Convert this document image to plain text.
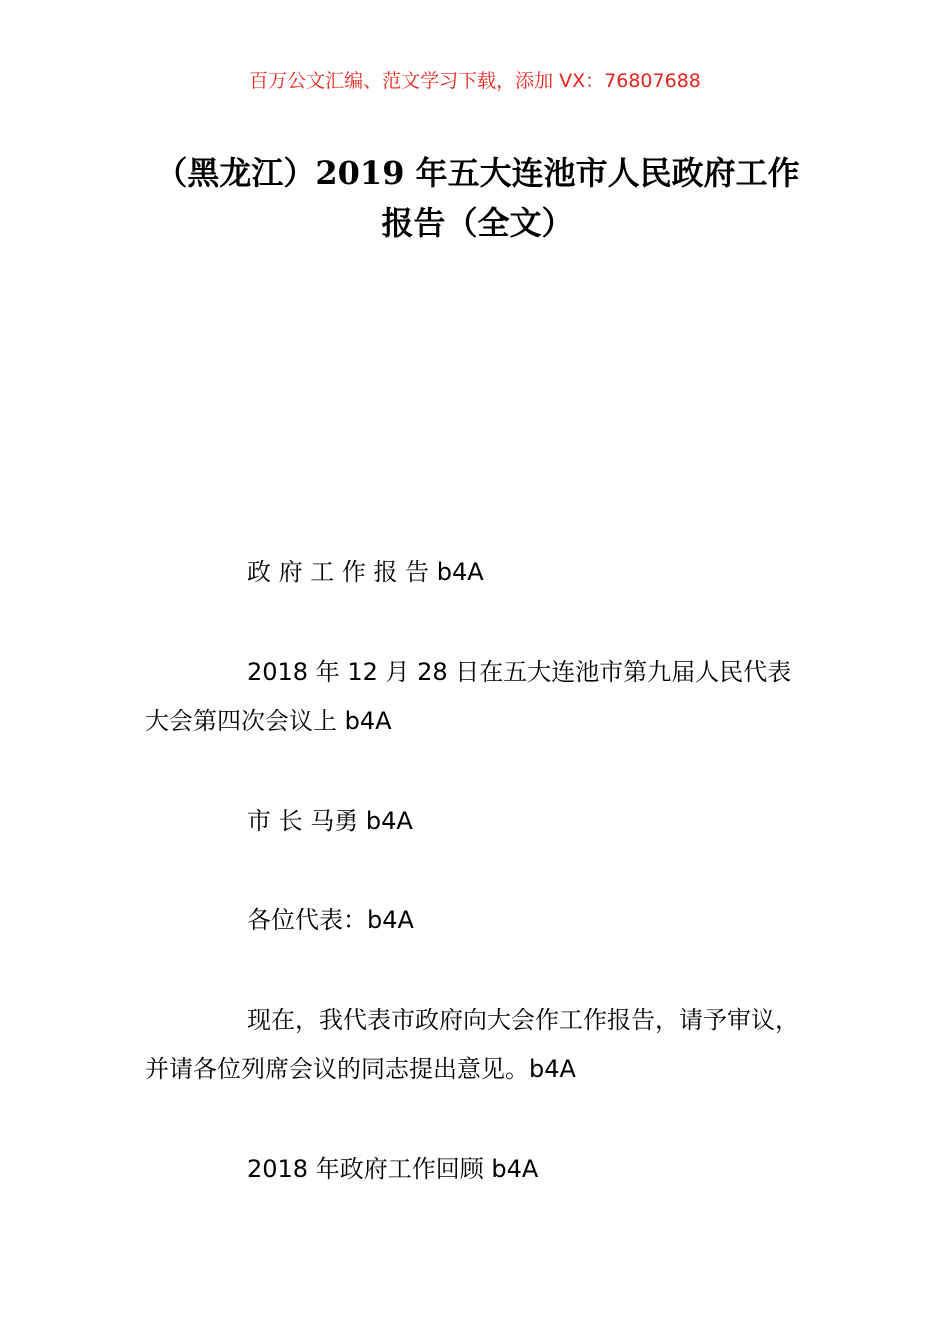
百万公文汇编、范文学习下载，添加 VX：76807688
（黑龙江）2019 年五大连池市人民政府工作报告（全文）

政 府 工 作 报 告 b4A

2018 年 12 月 28 日在五大连池市第九届人民代表大会第四次会议上 b4A

市 长 马勇 b4A

各位代表：b4A

现在，我代表市政府向大会作工作报告，请予审议，并请各位列席会议的同志提出意见。b4A

2018 年政府工作回顾 b4A
